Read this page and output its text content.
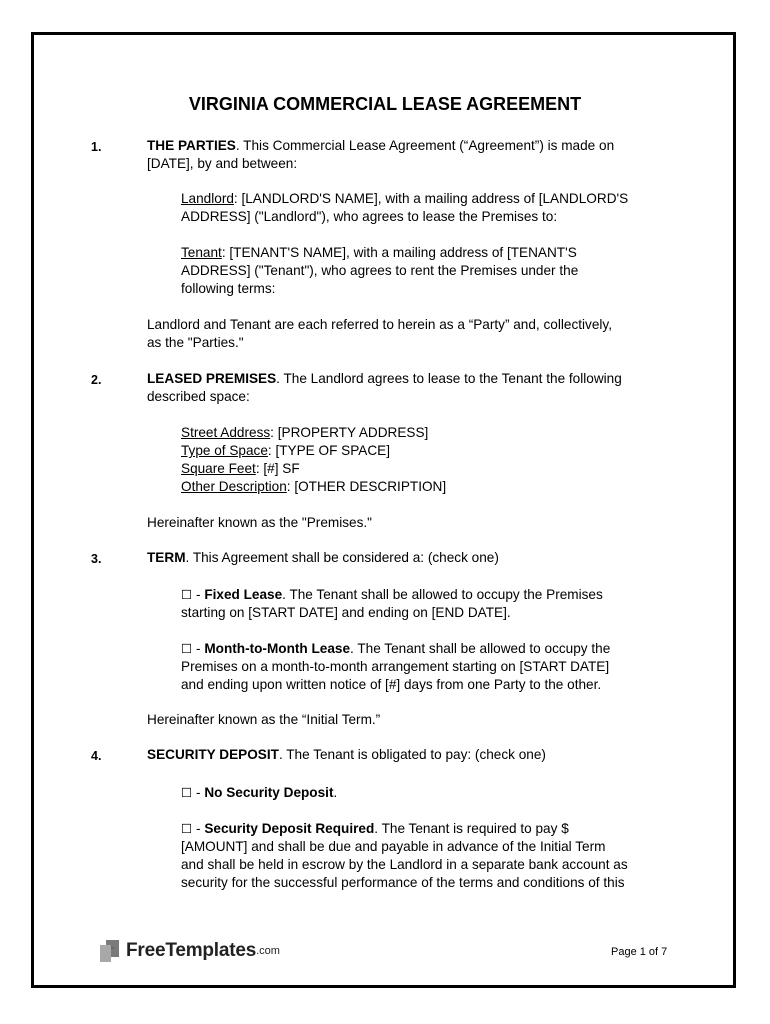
VIRGINIA COMMERCIAL LEASE AGREEMENT
1.	THE PARTIES. This Commercial Lease Agreement (“Agreement”) is made on
[DATE], by and between:
Landlord: [LANDLORD'S NAME], with a mailing address of [LANDLORD'S
ADDRESS] ("Landlord"), who agrees to lease the Premises to:
Tenant: [TENANT'S NAME], with a mailing address of [TENANT'S
ADDRESS] ("Tenant"), who agrees to rent the Premises under the
following terms:
Landlord and Tenant are each referred to herein as a “Party” and, collectively,
as the "Parties."
2.	LEASED PREMISES. The Landlord agrees to lease to the Tenant the following
described space:
Street Address: [PROPERTY ADDRESS]
Type of Space: [TYPE OF SPACE]
Square Feet: [#] SF
Other Description: [OTHER DESCRIPTION]
Hereinafter known as the "Premises."
3.	TERM. This Agreement shall be considered a: (check one)
☐ - Fixed Lease. The Tenant shall be allowed to occupy the Premises
starting on [START DATE] and ending on [END DATE].
☐ - Month-to-Month Lease. The Tenant shall be allowed to occupy the
Premises on a month-to-month arrangement starting on [START DATE]
and ending upon written notice of [#] days from one Party to the other.
Hereinafter known as the “Initial Term.”
4.	SECURITY DEPOSIT. The Tenant is obligated to pay: (check one)
☐ - No Security Deposit.
☐ - Security Deposit Required. The Tenant is required to pay $
[AMOUNT] and shall be due and payable in advance of the Initial Term
and shall be held in escrow by the Landlord in a separate bank account as
security for the successful performance of the terms and conditions of this
FreeTemplates .com	Page 1 of 7
